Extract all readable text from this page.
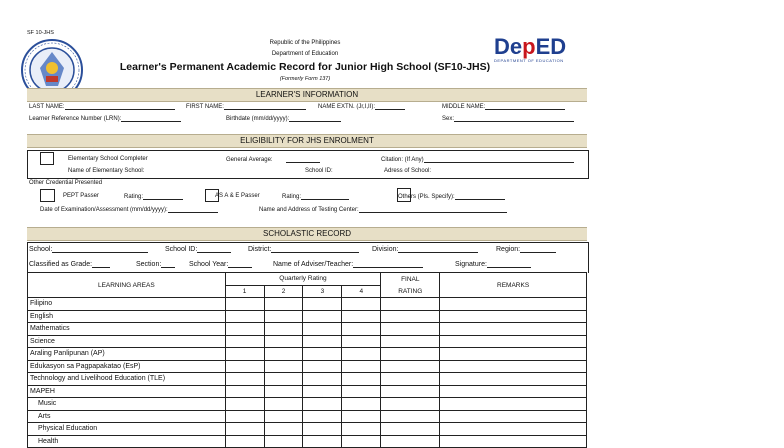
SF 10-JHS
Republic of the Philippines
Department of Education
Learner's Permanent Academic Record for Junior High School (SF10-JHS)
(Formerly Form 137)
DepED
DEPARTMENT OF EDUCATION
LEARNER'S INFORMATION
LAST NAME:	FIRST NAME:	NAME EXTN. (Jr,I,II):	MIDDLE NAME:
Learner Reference Number (LRN):	Birthdate (mm/dd/yyyy):	Sex:
ELIGIBILITY FOR JHS ENROLMENT
Elementary School Completer	General Average:	Citation: (If Any)
Name of Elementary School:	School ID:	Adress of School:
Other Credential Presented
PEPT Passer	Rating:	AS A & E Passer	Rating:	Others (Pls. Specify):
Date of Examination/Assessment (mm/dd/yyyy):	Name and Address of Testing Center:
SCHOLASTIC RECORD
School:	School ID:	District:	Division:	Region:
Classified as Grade:	Section:	School Year:	Name of Adviser/Teacher:	Signature:
LEARNING AREAS	Quarterly Rating				FINAL	REMARKS
	1	2	3	4	RATING	
Filipino						
English						
Mathematics						
Science						
Araling Panlipunan (AP)						
Edukasyon sa Pagpapakatao (EsP)						
Technology and Livelihood Education (TLE)						
MAPEH						
Music						
Arts						
Physical Education						
Health						
